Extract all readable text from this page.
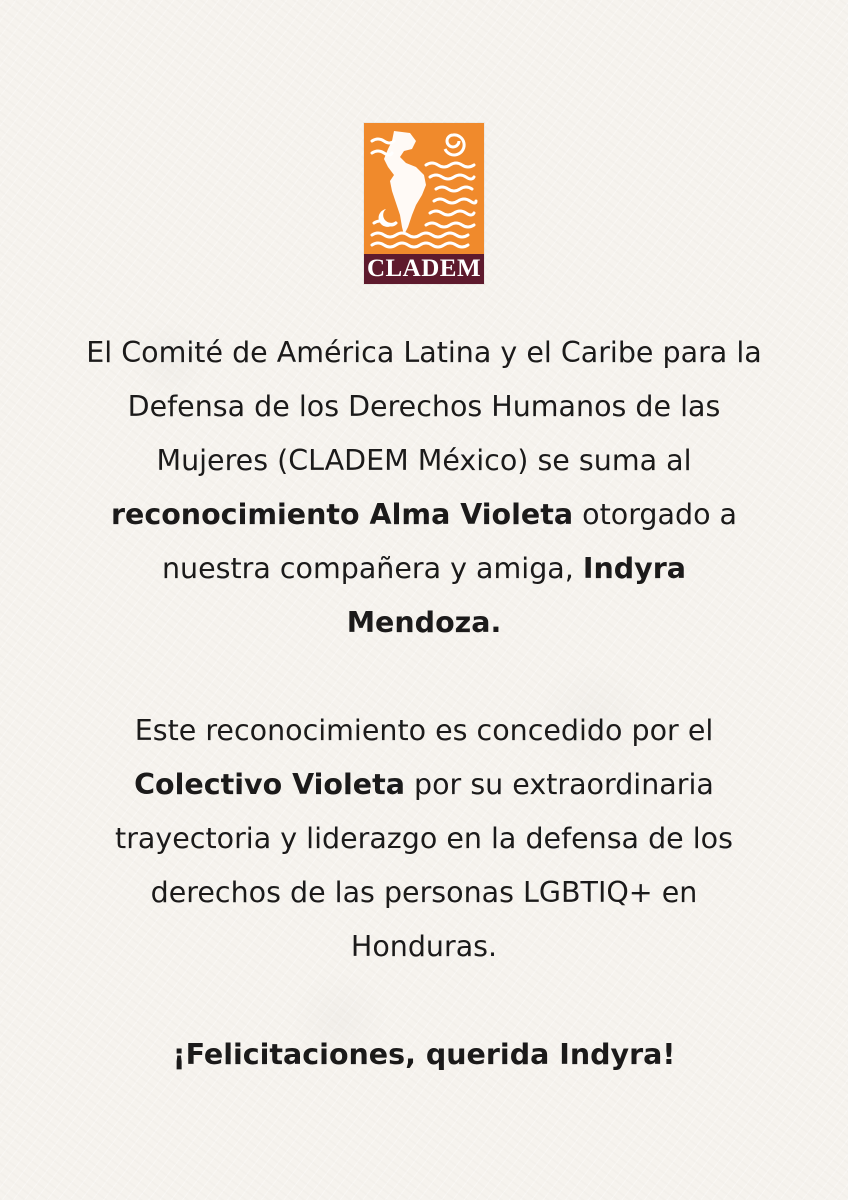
CLADEM

El Comité de América Latina y el Caribe para la Defensa de los Derechos Humanos de las Mujeres (CLADEM México) se suma al reconocimiento Alma Violeta otorgado a nuestra compañera y amiga, Indyra Mendoza.

Este reconocimiento es concedido por el Colectivo Violeta por su extraordinaria trayectoria y liderazgo en la defensa de los derechos de las personas LGBTIQ+ en Honduras.

¡Felicitaciones, querida Indyra!
